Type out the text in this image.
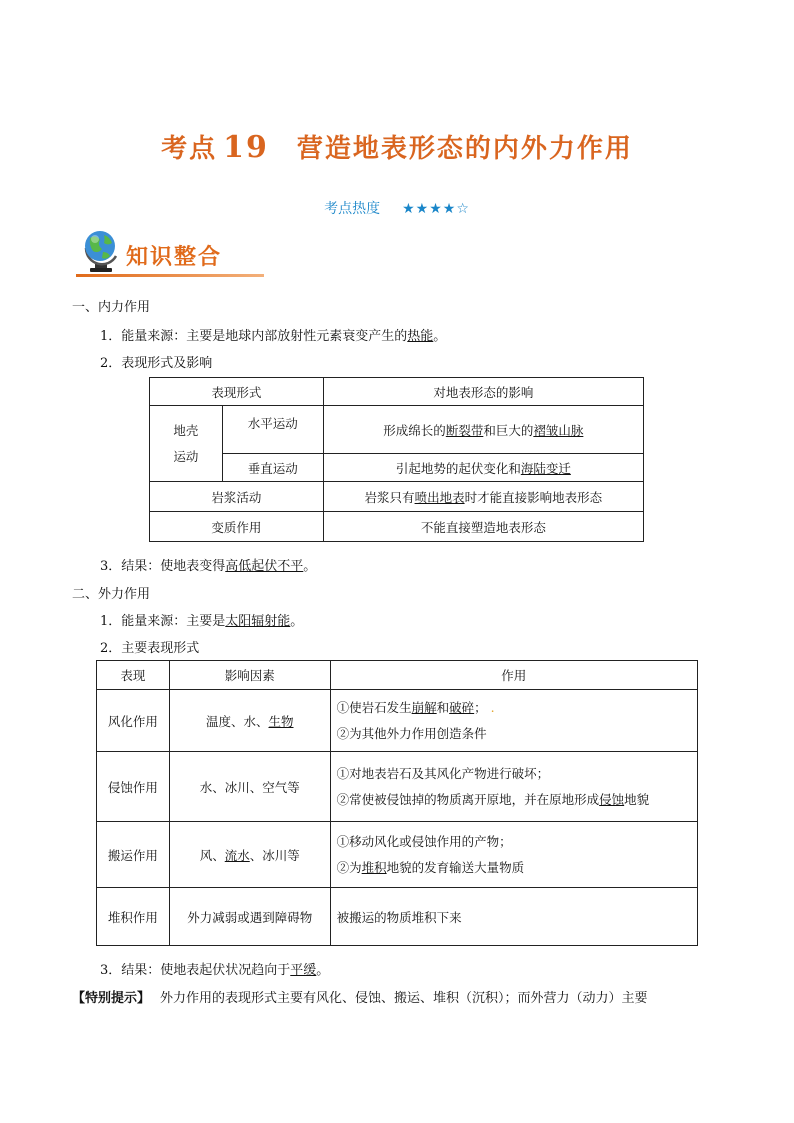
考点 19 营造地表形态的内外力作用
考点热度 ★★★★☆
知识整合
一、内力作用
1．能量来源：主要是地球内部放射性元素衰变产生的热能。
2．表现形式及影响
表现形式		对地表形态的影响

地壳
运动	水平运动	形成绵长的断裂带和巨大的褶皱山脉
	垂直运动	引起地势的起伏变化和海陆变迁
岩浆活动		岩浆只有喷出地表时才能直接影响地表形态
变质作用		不能直接塑造地表形态
3．结果：使地表变得高低起伏不平。
二、外力作用
1．能量来源：主要是太阳辐射能。
2．主要表现形式
表现	影响因素	作用
风化作用	温度、水、生物	①使岩石发生崩解和破碎； .
②为其他外力作用创造条件

侵蚀作用	水、冰川、空气等	①对地表岩石及其风化产物进行破坏；
②常使被侵蚀掉的物质离开原地，并在原地形成侵蚀地貌

搬运作用	风、流水、冰川等	①移动风化或侵蚀作用的产物；
②为堆积地貌的发育输送大量物质

堆积作用	外力减弱或遇到障碍物	被搬运的物质堆积下来
3．结果：使地表起伏状况趋向于平缓。
【特别提示】 外力作用的表现形式主要有风化、侵蚀、搬运、堆积（沉积）；而外营力（动力）主要
